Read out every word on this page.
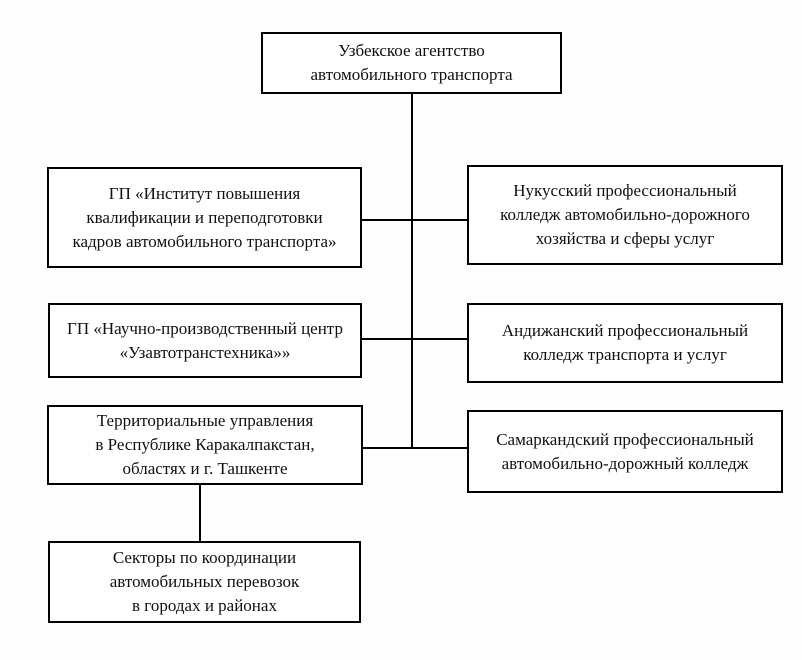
Узбекское агентство
автомобильного транспорта
ГП «Институт повышения
квалификации и переподготовки
кадров автомобильного транспорта»
ГП «Научно-производственный центр
«Узавтотранстехника»»
Территориальные управления
в Республике Каракалпакстан,
областях и г. Ташкенте
Секторы по координации
автомобильных перевозок
в городах и районах
Нукусский профессиональный
колледж автомобильно-дорожного
хозяйства и сферы услуг
Андижанский профессиональный
колледж транспорта и услуг
Самаркандский профессиональный
автомобильно-дорожный колледж
